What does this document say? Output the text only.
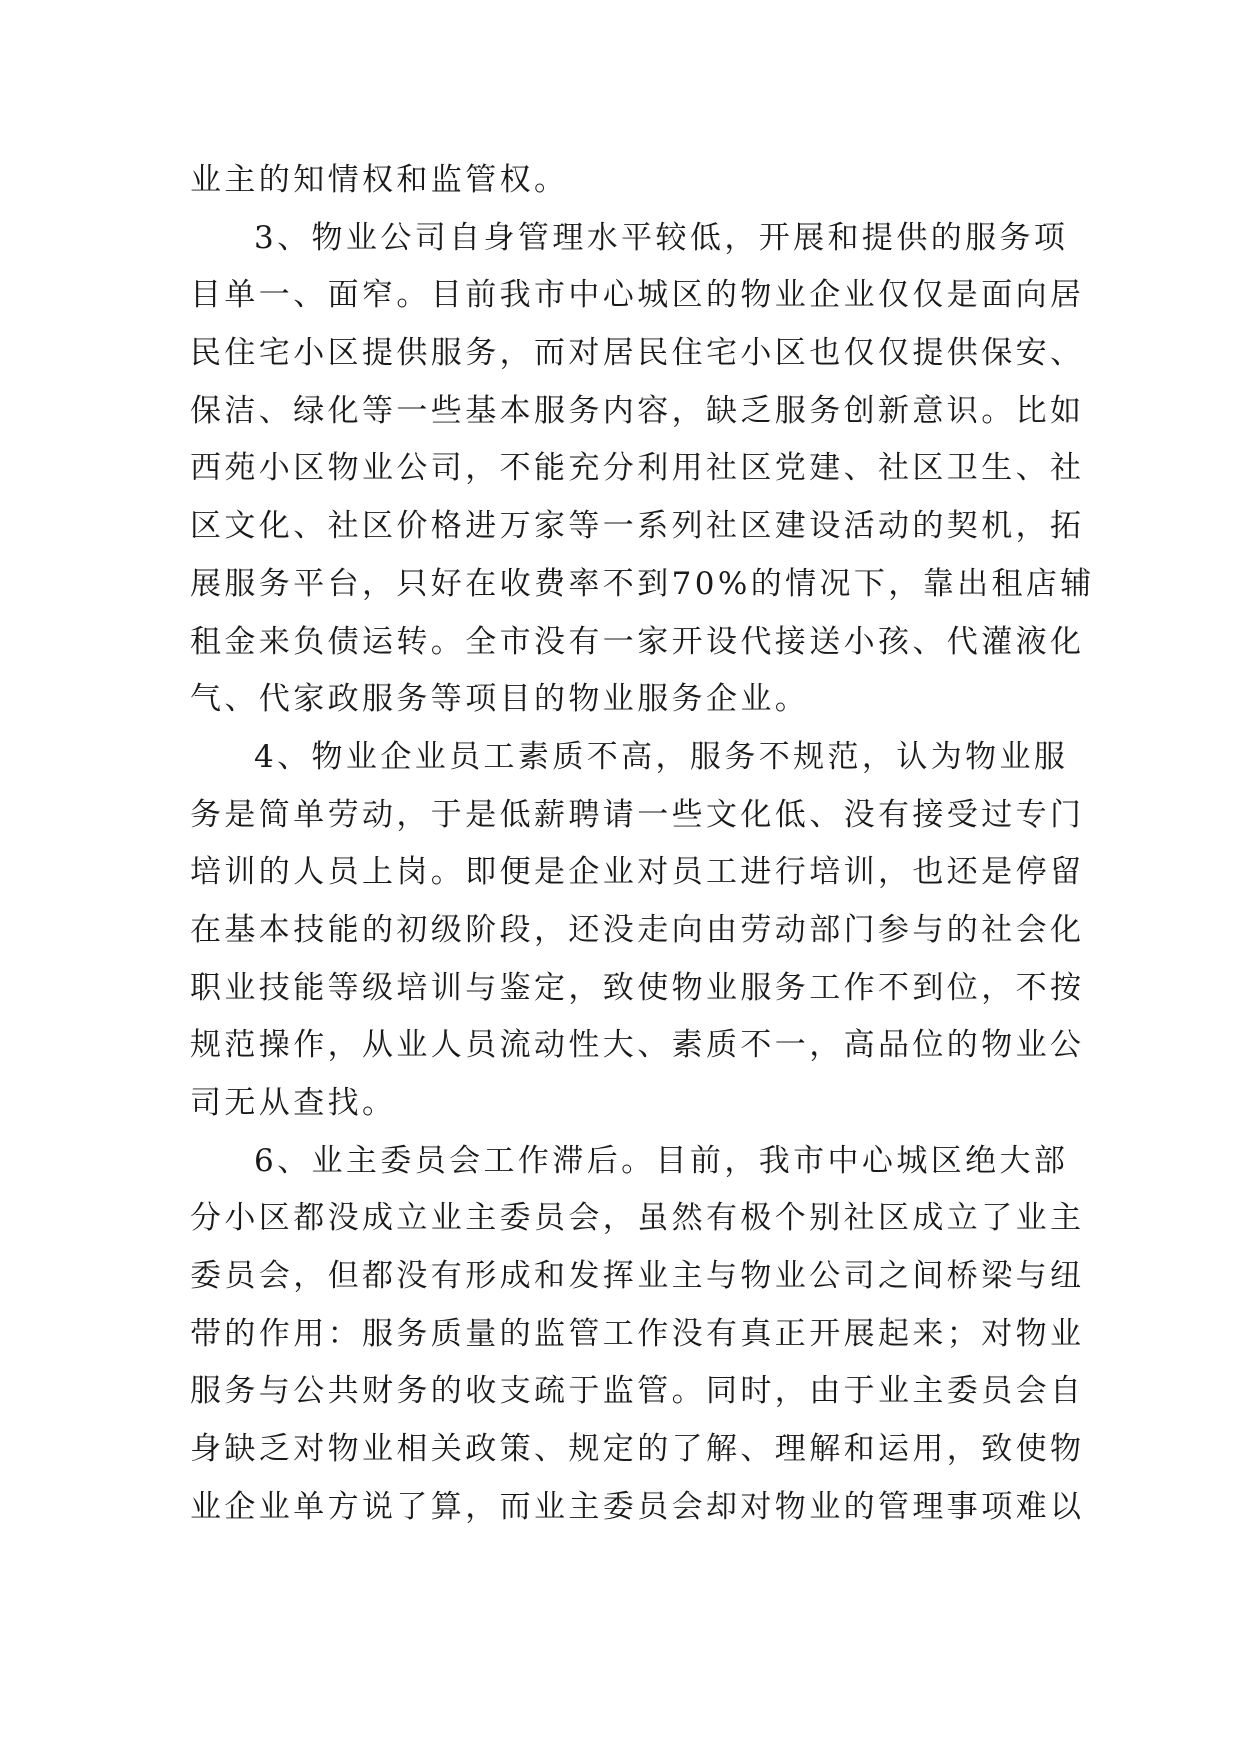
业主的知情权和监管权。
3、物业公司自身管理水平较低，开展和提供的服务项
目单一、面窄。目前我市中心城区的物业企业仅仅是面向居
民住宅小区提供服务，而对居民住宅小区也仅仅提供保安、
保洁、绿化等一些基本服务内容，缺乏服务创新意识。比如
西苑小区物业公司，不能充分利用社区党建、社区卫生、社
区文化、社区价格进万家等一系列社区建设活动的契机，拓
展服务平台，只好在收费率不到70%的情况下，靠出租店辅
租金来负债运转。全市没有一家开设代接送小孩、代灌液化
气、代家政服务等项目的物业服务企业。
4、物业企业员工素质不高，服务不规范，认为物业服
务是简单劳动，于是低薪聘请一些文化低、没有接受过专门
培训的人员上岗。即便是企业对员工进行培训，也还是停留
在基本技能的初级阶段，还没走向由劳动部门参与的社会化
职业技能等级培训与鉴定，致使物业服务工作不到位，不按
规范操作，从业人员流动性大、素质不一，高品位的物业公
司无从查找。
6、业主委员会工作滞后。目前，我市中心城区绝大部
分小区都没成立业主委员会，虽然有极个别社区成立了业主
委员会，但都没有形成和发挥业主与物业公司之间桥梁与纽
带的作用：服务质量的监管工作没有真正开展起来；对物业
服务与公共财务的收支疏于监管。同时，由于业主委员会自
身缺乏对物业相关政策、规定的了解、理解和运用，致使物
业企业单方说了算，而业主委员会却对物业的管理事项难以
